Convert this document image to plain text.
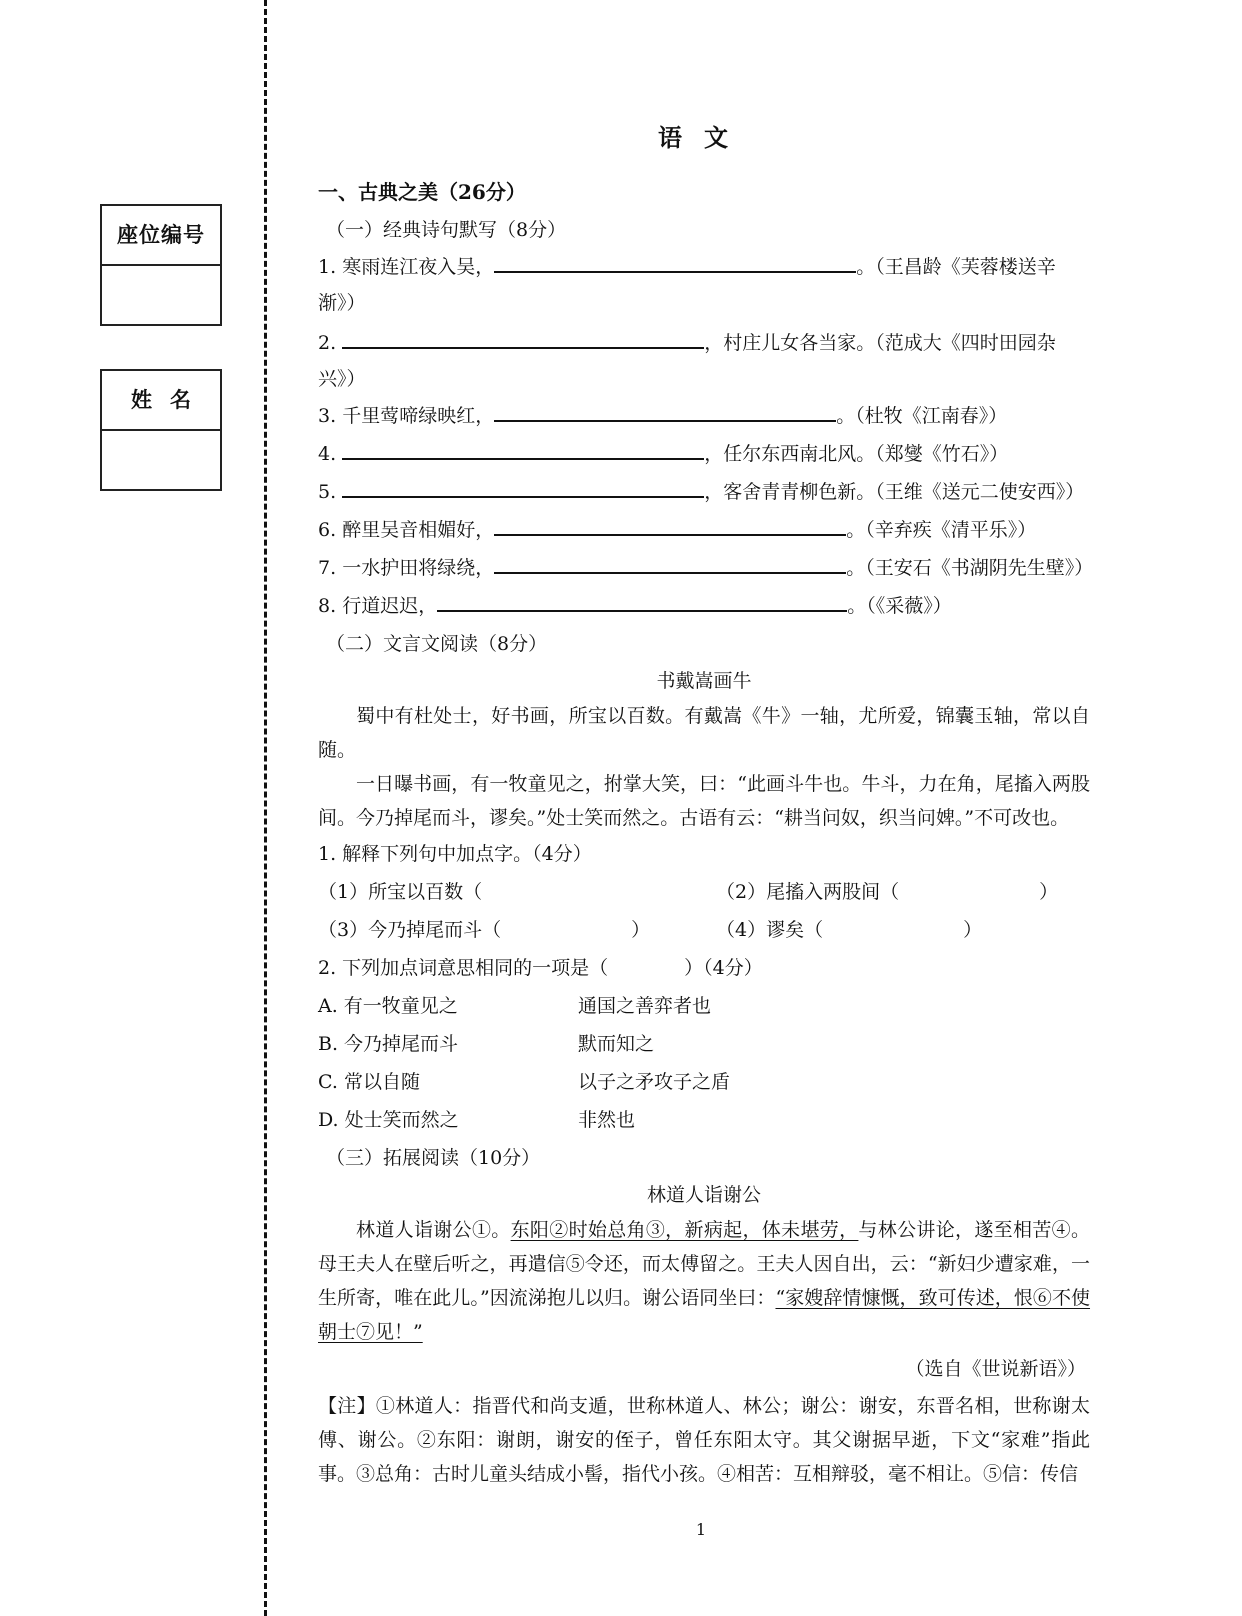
座位编号
姓名
语文
一、古典之美（26分）
（一）经典诗句默写（8分）
1. 寒雨连江夜入吴，	。（王昌龄《芙蓉楼送辛
渐》）
2.	，村庄儿女各当家。（范成大《四时田园杂
兴》）
3. 千里莺啼绿映红，	。（杜牧《江南春》）
4.	，任尔东西南北风。（郑燮《竹石》）
5.	，客舍青青柳色新。（王维《送元二使安西》）
6. 醉里吴音相媚好，	。（辛弃疾《清平乐》）
7. 一水护田将绿绕，	。（王安石《书湖阴先生壁》）
8. 行道迟迟，	。（《采薇》）
（二）文言文阅读（8分）
书戴嵩画牛

蜀中有杜处士，好书画，所宝以百数。有戴嵩《牛》一轴，尤所爱，锦囊玉轴，常以自随。

一日曝书画，有一牧童见之，拊掌大笑，曰：“此画斗牛也。牛斗，力在角，尾搐入两股间。今乃掉尾而斗，谬矣。”处士笑而然之。古语有云：“耕当问奴，织当问婢。”不可改也。

1. 解释下列句中加点字。（4分）
（1）所宝以百数（	（2）尾搐入两股间（	）
（3）今乃掉尾而斗（	）	（4）谬矣（	）
2. 下列加点词意思相同的一项是（　　　　）（4分）
A. 有一牧童见之	通国之善弈者也
B. 今乃掉尾而斗	默而知之
C. 常以自随	以子之矛攻子之盾
D. 处士笑而然之	非然也
（三）拓展阅读（10分）
林道人诣谢公

林道人诣谢公①。东阳②时始总角③，新病起，体未堪劳，与林公讲论，遂至相苦④。母王夫人在壁后听之，再遣信⑤令还，而太傅留之。王夫人因自出，云：“新妇少遭家难，一生所寄，唯在此儿。”因流涕抱儿以归。谢公语同坐曰：“家嫂辞情慷慨，致可传述，恨⑥不使朝士⑦见！”

（选自《世说新语》）

【注】①林道人：指晋代和尚支遁，世称林道人、林公；谢公：谢安，东晋名相，世称谢太傅、谢公。②东阳：谢朗，谢安的侄子，曾任东阳太守。其父谢据早逝，下文“家难”指此事。③总角：古时儿童头结成小髻，指代小孩。④相苦：互相辩驳，毫不相让。⑤信：传信

1
